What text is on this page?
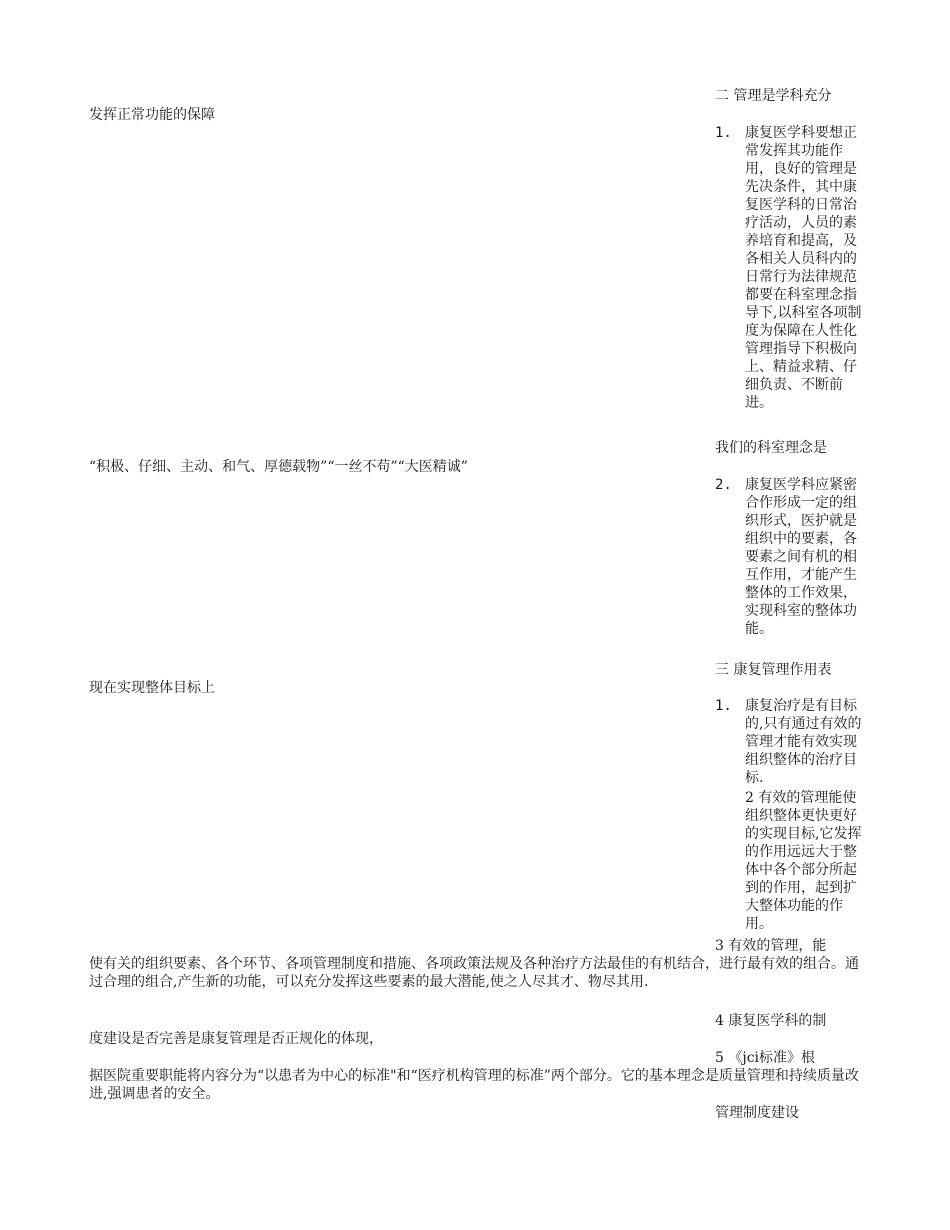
二 管理是学科充分
发挥正常功能的保障
1. 康复医学科要想正常发挥其功能作用，良好的管理是先决条件，其中康复医学科的日常治疗活动，人员的素养培育和提高，及各相关人员科内的日常行为法律规范都要在科室理念指导下,以科室各项制度为保障在人性化管理指导下积极向上、精益求精、仔细负责、不断前进。
我们的科室理念是
“积极、仔细、主动、和气、厚德载物”“一丝不苟”“大医精诚”
2. 康复医学科应紧密合作形成一定的组织形式，医护就是组织中的要素，各要素之间有机的相互作用，才能产生整体的工作效果，实现科室的整体功能。
三 康复管理作用表
现在实现整体目标上
1. 康复治疗是有目标的,只有通过有效的管理才能有效实现组织整体的治疗目标.
2 有效的管理能使组织整体更快更好的实现目标,它发挥的作用远远大于整体中各个部分所起到的作用，起到扩大整体功能的作用。
3 有效的管理，能
使有关的组织要素、各个环节、各项管理制度和措施、各项政策法规及各种治疗方法最佳的有机结合，进行最有效的组合。通过合理的组合,产生新的功能，可以充分发挥这些要素的最大潜能,使之人尽其才、物尽其用.
4 康复医学科的制
度建设是否完善是康复管理是否正规化的体现，
5 《jci标准》根
据医院重要职能将内容分为“以患者为中心的标准"和“医疗机构管理的标准”两个部分。它的基本理念是质量管理和持续质量改进,强调患者的安全。
管理制度建设
